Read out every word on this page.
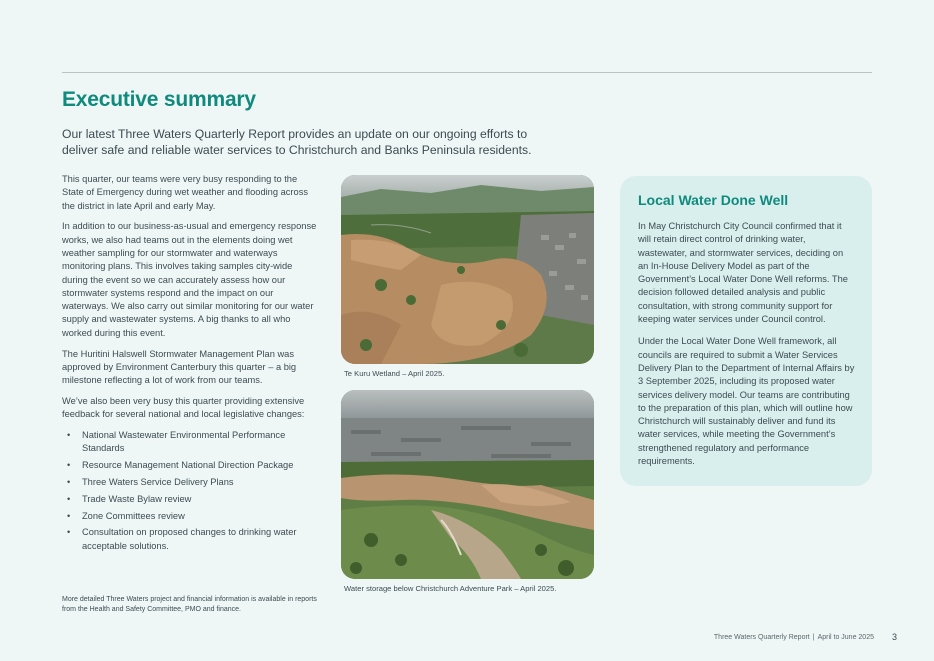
Executive summary

Our latest Three Waters Quarterly Report provides an update on our ongoing efforts to deliver safe and reliable water services to Christchurch and Banks Peninsula residents.

This quarter, our teams were very busy responding to the State of Emergency during wet weather and flooding across the district in late April and early May.

In addition to our business-as-usual and emergency response works, we also had teams out in the elements doing wet weather sampling for our stormwater and waterways monitoring plans. This involves taking samples city-wide during the event so we can accurately assess how our stormwater systems respond and the impact on our waterways. We also carry out similar monitoring for our water supply and wastewater systems. A big thanks to all who worked during this event.

The Huritini Halswell Stormwater Management Plan was approved by Environment Canterbury this quarter – a big milestone reflecting a lot of work from our teams.

We’ve also been very busy this quarter providing extensive feedback for several national and local legislative changes:

• National Wastewater Environmental Performance Standards
• Resource Management National Direction Package
• Three Waters Service Delivery Plans
• Trade Waste Bylaw review
• Zone Committees review
• Consultation on proposed changes to drinking water acceptable solutions.

More detailed Three Waters project and financial information is available in reports from the Health and Safety Committee, PMO and finance.

Te Kuru Wetland – April 2025.

Water storage below Christchurch Adventure Park – April 2025.

Local Water Done Well

In May Christchurch City Council confirmed that it will retain direct control of drinking water, wastewater, and stormwater services, deciding on an In-House Delivery Model as part of the Government’s Local Water Done Well reforms. The decision followed detailed analysis and public consultation, with strong community support for keeping water services under Council control.

Under the Local Water Done Well framework, all councils are required to submit a Water Services Delivery Plan to the Department of Internal Affairs by 3 September 2025, including its proposed water services delivery model. Our teams are contributing to the preparation of this plan, which will outline how Christchurch will sustainably deliver and fund its water services, while meeting the Government’s strengthened regulatory and performance requirements.

Three Waters Quarterly Report | April to June 2025 3
